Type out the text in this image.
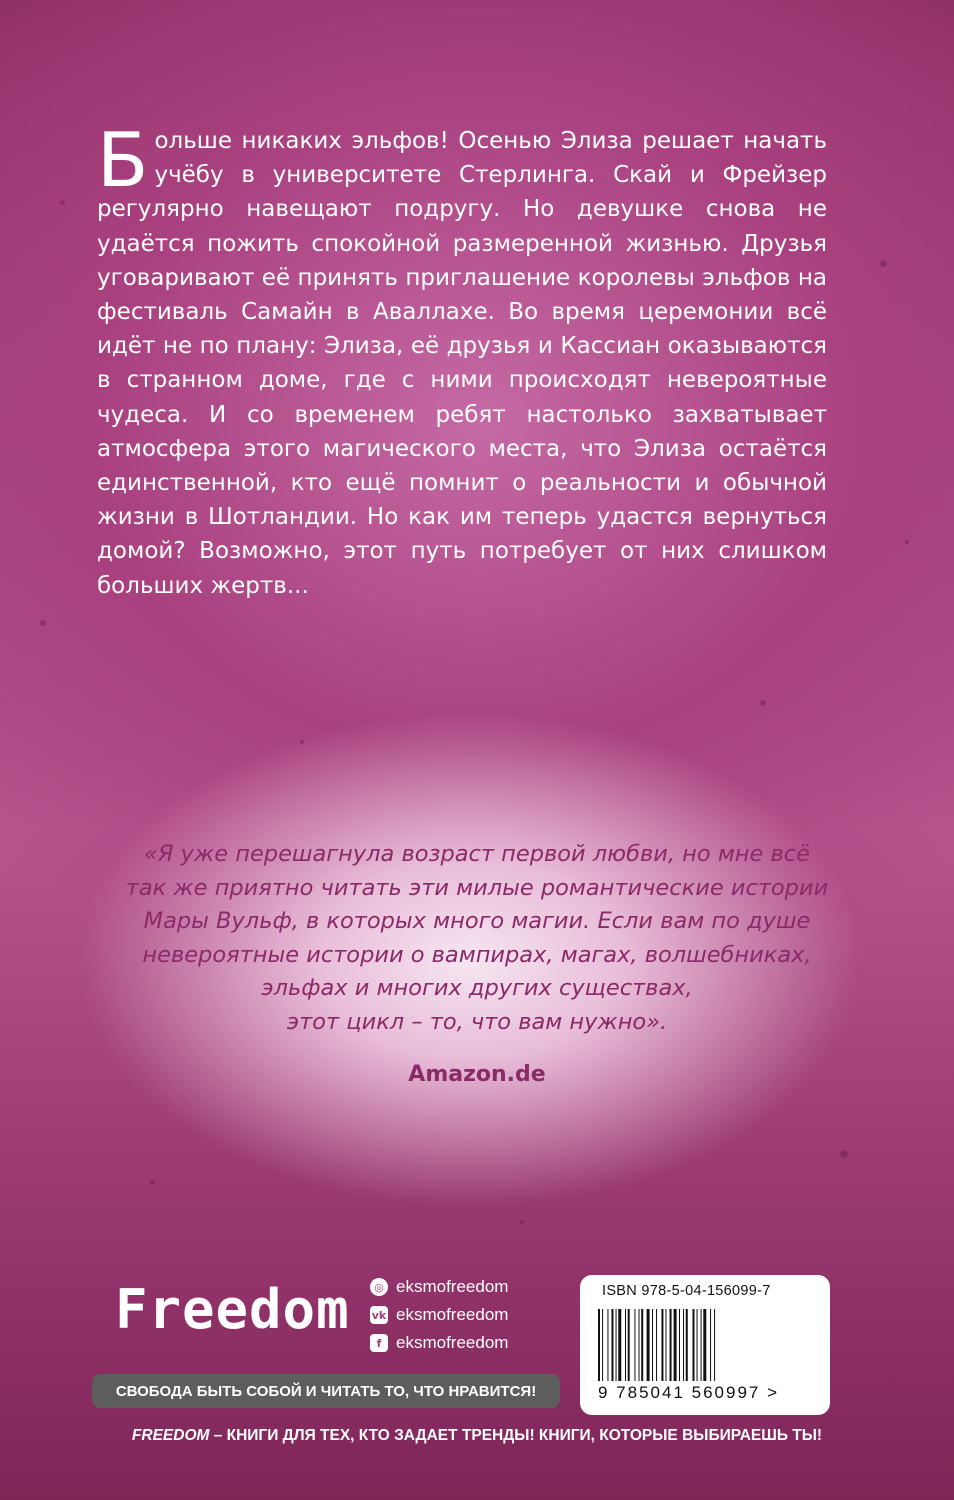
Больше никаких эльфов! Осенью Элиза решает начать учёбу в университете Стерлинга. Скай и Фрейзер регулярно навещают подругу. Но девушке снова не удаётся пожить спокойной размеренной жизнью. Друзья уговаривают её принять приглашение королевы эльфов на фестиваль Самайн в Аваллахе. Во время церемонии всё идёт не по плану: Элиза, её друзья и Кассиан оказываются в странном доме, где с ними происходят невероятные чудеса. И со временем ребят настолько захватывает атмосфера этого магического места, что Элиза остаётся единственной, кто ещё помнит о реальности и обычной жизни в Шотландии. Но как им теперь удастся вернуться домой? Возможно, этот путь потребует от них слишком больших жертв...
«Я уже перешагнула возраст первой любви, но мне всё
так же приятно читать эти милые романтические истории
Мары Вульф, в которых много магии. Если вам по душе
невероятные истории о вампирах, магах, волшебниках,
эльфах и многих других существах,
этот цикл – то, что вам нужно».
Amazon.de
Freedom	◎ eksmofreedom
vk eksmofreedom
f eksmofreedom
СВОБОДА БЫТЬ СОБОЙ И ЧИТАТЬ ТО, ЧТО НРАВИТСЯ!
ISBN 978-5-04-156099-7
9 785041 560997 >
FREEDOM – КНИГИ ДЛЯ ТЕХ, КТО ЗАДАЕТ ТРЕНДЫ! КНИГИ, КОТОРЫЕ ВЫБИРАЕШЬ ТЫ!
